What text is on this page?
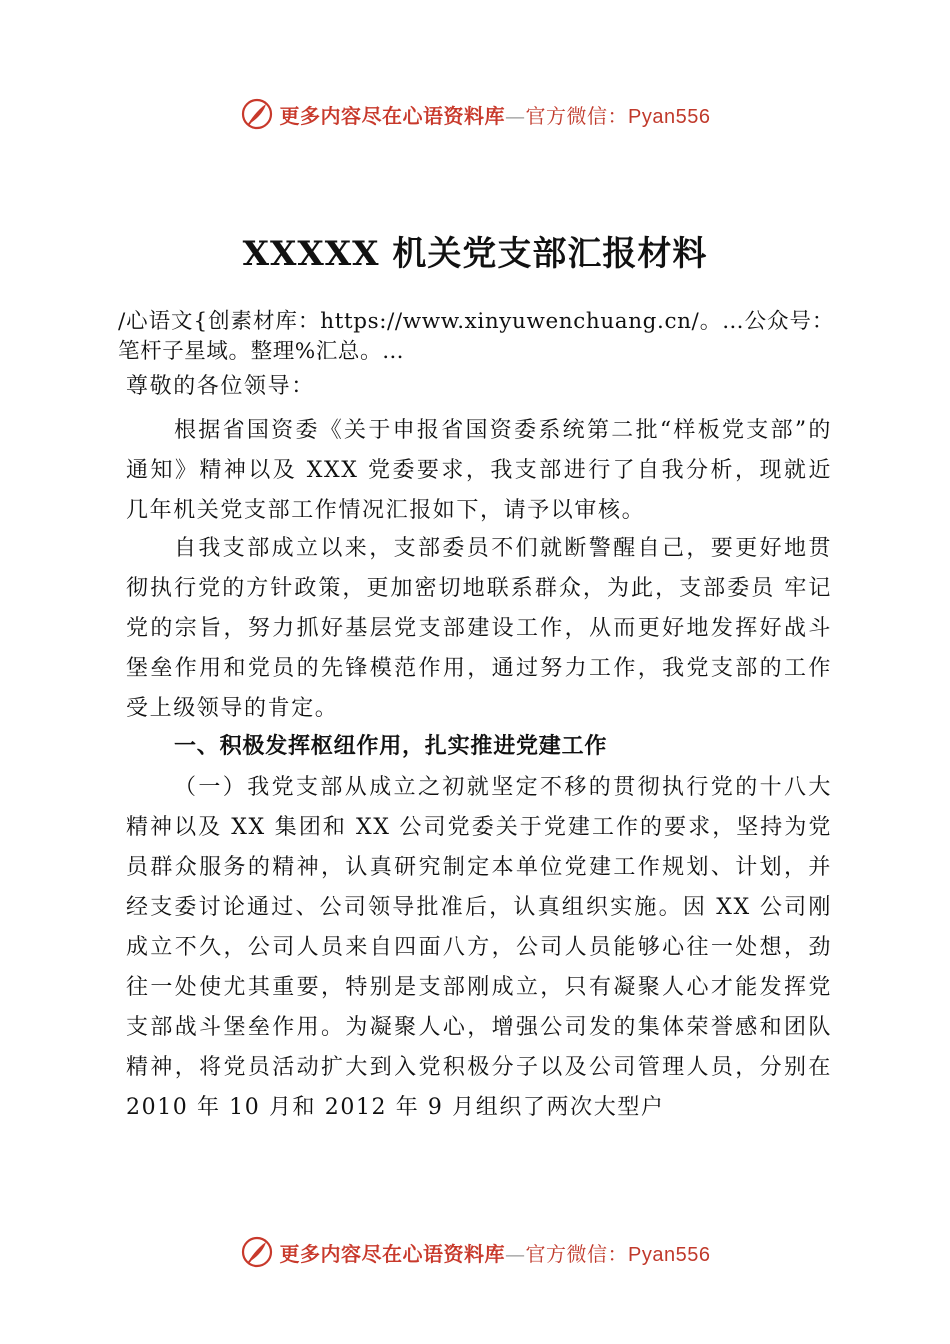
更多内容尽在心语资料库—官方微信：Pyan556
XXXXX 机关党支部汇报材料
/心语文{创素材库：https://www.xinyuwenchuang.cn/。…公众号：笔杆子星域。整理%汇总。…
尊敬的各位领导：
根据省国资委《关于申报省国资委系统第二批“样板党支部”的通知》精神以及 XXX 党委要求，我支部进行了自我分析，现就近几年机关党支部工作情况汇报如下，请予以审核。
自我支部成立以来，支部委员不们就断警醒自己，要更好地贯彻执行党的方针政策，更加密切地联系群众，为此，支部委员 牢记党的宗旨，努力抓好基层党支部建设工作，从而更好地发挥好战斗堡垒作用和党员的先锋模范作用，通过努力工作，我党支部的工作受上级领导的肯定。
一、积极发挥枢纽作用，扎实推进党建工作
（一）我党支部从成立之初就坚定不移的贯彻执行党的十八大精神以及 XX 集团和 XX 公司党委关于党建工作的要求，坚持为党员群众服务的精神，认真研究制定本单位党建工作规划、计划，并经支委讨论通过、公司领导批准后，认真组织实施。因 XX 公司刚成立不久，公司人员来自四面八方，公司人员能够心往一处想，劲往一处使尤其重要，特别是支部刚成立，只有凝聚人心才能发挥党支部战斗堡垒作用。为凝聚人心，增强公司发的集体荣誉感和团队精神，将党员活动扩大到入党积极分子以及公司管理人员，分别在 2010 年 10 月和 2012 年 9 月组织了两次大型户
更多内容尽在心语资料库—官方微信：Pyan556
